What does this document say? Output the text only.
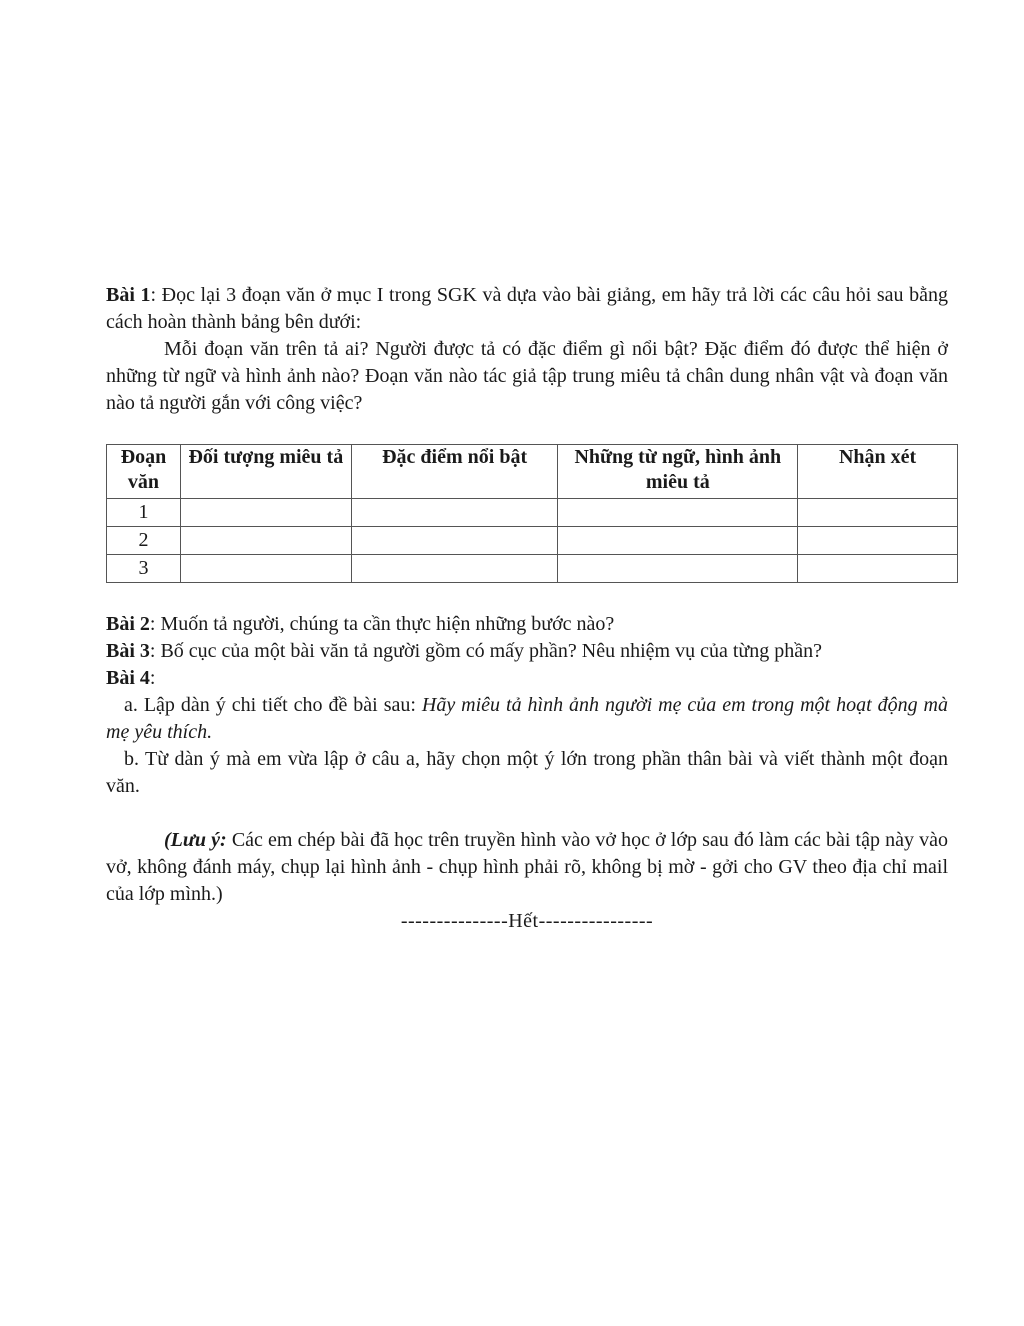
Bài 1: Đọc lại 3 đoạn văn ở mục I trong SGK và dựa vào bài giảng, em hãy trả lời các câu hỏi sau bằng cách hoàn thành bảng bên dưới:

Mỗi đoạn văn trên tả ai? Người được tả có đặc điểm gì nổi bật? Đặc điểm đó được thể hiện ở những từ ngữ và hình ảnh nào? Đoạn văn nào tác giả tập trung miêu tả chân dung nhân vật và đoạn văn nào tả người gắn với công việc?

Đoạn văn	Đối tượng miêu tả	Đặc điểm nổi bật	Những từ ngữ, hình ảnh miêu tả	Nhận xét
1				
2				
3				

Bài 2: Muốn tả người, chúng ta cần thực hiện những bước nào?

Bài 3: Bố cục của một bài văn tả người gồm có mấy phần? Nêu nhiệm vụ của từng phần?

Bài 4:

a. Lập dàn ý chi tiết cho đề bài sau: Hãy miêu tả hình ảnh người mẹ của em trong một hoạt động mà mẹ yêu thích.

b. Từ dàn ý mà em vừa lập ở câu a, hãy chọn một ý lớn trong phần thân bài và viết thành một đoạn văn.

(Lưu ý: Các em chép bài đã học trên truyền hình vào vở học ở lớp sau đó làm các bài tập này vào vở, không đánh máy, chụp lại hình ảnh - chụp hình phải rõ, không bị mờ - gởi cho GV theo địa chỉ mail của lớp mình.)

---------------Hết----------------
